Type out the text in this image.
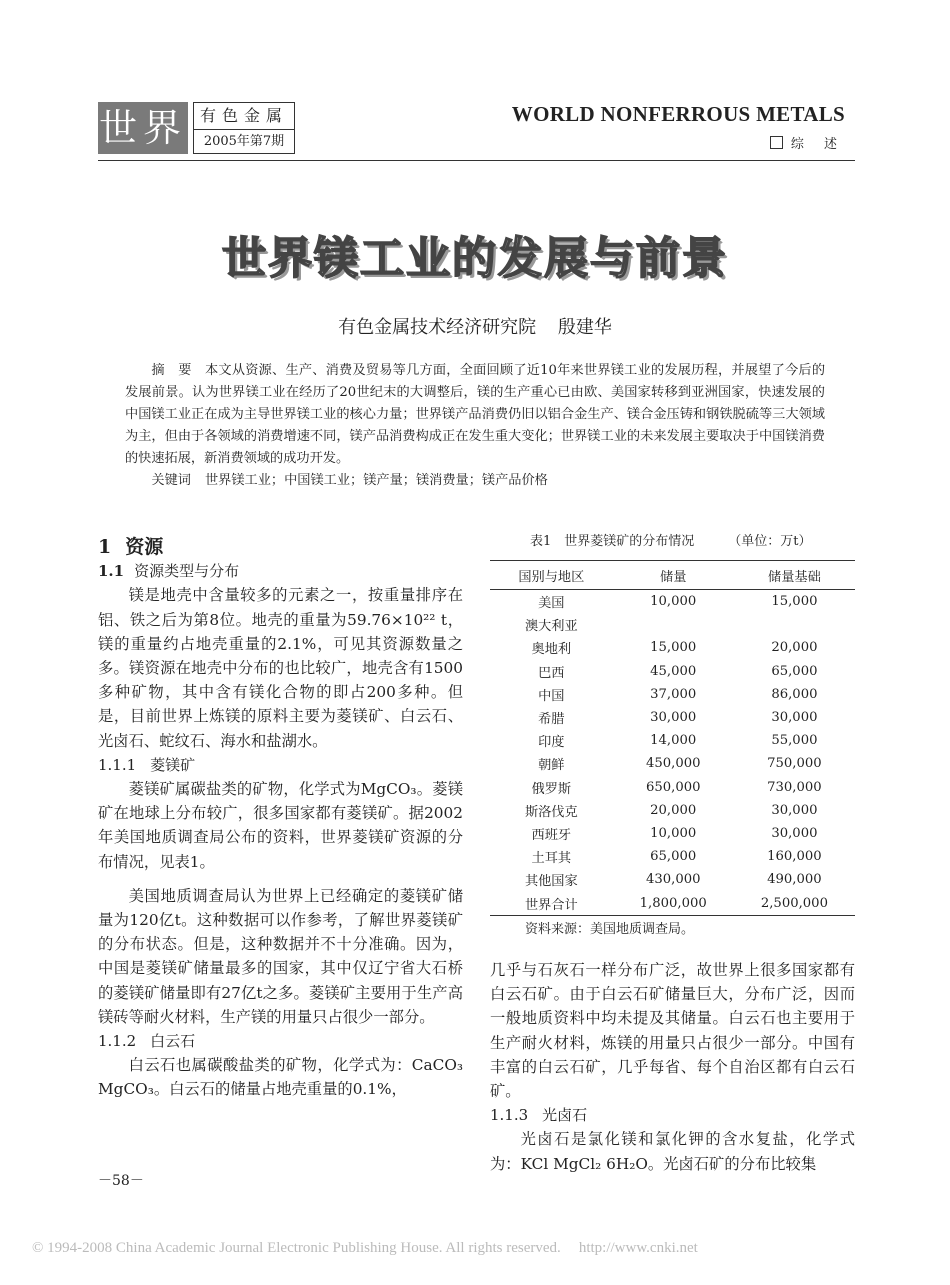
世界 有色金属
2005年第7期
WORLD NONFERROUS METALS
综 述
世界镁工业的发展与前景
有色金属技术经济研究院 殷建华

摘　要　 本文从资源、生产、消费及贸易等几方面，全面回顾了近10年来世界镁工业的发展历程，并展望了今后的发展前景。认为世界镁工业在经历了20世纪末的大调整后，镁的生产重心已由欧、美国家转移到亚洲国家，快速发展的中国镁工业正在成为主导世界镁工业的核心力量；世界镁产品消费仍旧以铝合金生产、镁合金压铸和钢铁脱硫等三大领域为主，但由于各领域的消费增速不同，镁产品消费构成正在发生重大变化；世界镁工业的未来发展主要取决于中国镁消费的快速拓展，新消费领域的成功开发。

关键词 世界镁工业；中国镁工业；镁产量；镁消费量；镁产品价格

1 资源

1.1 资源类型与分布

镁是地壳中含量较多的元素之一，按重量排序在铝、铁之后为第8位。地壳的重量为59.76×10²² t，镁的重量约占地壳重量的2.1%，可见其资源数量之多。镁资源在地壳中分布的也比较广，地壳含有1500多种矿物，其中含有镁化合物的即占200多种。但是，目前世界上炼镁的原料主要为菱镁矿、白云石、光卤石、蛇纹石、海水和盐湖水。

1.1.1 菱镁矿

菱镁矿属碳盐类的矿物，化学式为MgCO₃。菱镁矿在地球上分布较广，很多国家都有菱镁矿。据2002年美国地质调查局公布的资料，世界菱镁矿资源的分布情况，见表1。

美国地质调查局认为世界上已经确定的菱镁矿储量为120亿t。这种数据可以作参考，了解世界菱镁矿的分布状态。但是，这种数据并不十分准确。因为，中国是菱镁矿储量最多的国家，其中仅辽宁省大石桥的菱镁矿储量即有27亿t之多。菱镁矿主要用于生产高镁砖等耐火材料，生产镁的用量只占很少一部分。

1.1.2 白云石

白云石也属碳酸盐类的矿物，化学式为：CaCO₃ MgCO₃。白云石的储量占地壳重量的0.1%，

－58－
表1　世界菱镁矿的分布情况	（单位：万t）
国别与地区	储量	储量基础
美国	10,000	15,000
澳大利亚		
奥地利	15,000	20,000
巴西	45,000	65,000
中国	37,000	86,000
希腊	30,000	30,000
印度	14,000	55,000
朝鲜	450,000	750,000
俄罗斯	650,000	730,000
斯洛伐克	20,000	30,000
西班牙	10,000	30,000
土耳其	65,000	160,000
其他国家	430,000	490,000
世界合计	1,800,000	2,500,000
资料来源：美国地质调查局。

几乎与石灰石一样分布广泛，故世界上很多国家都有白云石矿。由于白云石矿储量巨大，分布广泛，因而一般地质资料中均未提及其储量。白云石也主要用于生产耐火材料，炼镁的用量只占很少一部分。中国有丰富的白云石矿，几乎每省、每个自治区都有白云石矿。

1.1.3 光卤石

光卤石是氯化镁和氯化钾的含水复盐，化学式为：KCl MgCl₂ 6H₂O。光卤石矿的分布比较集

© 1994-2008 China Academic Journal Electronic Publishing House. All rights reserved. http://www.cnki.net
